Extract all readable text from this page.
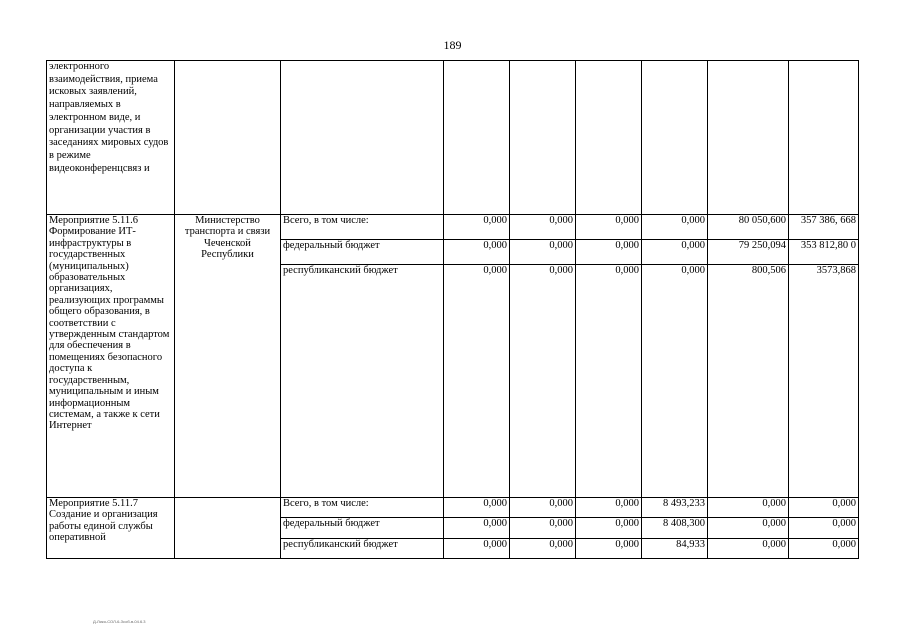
189
электронного взаимодействия, приема исковых заявлений, направляемых в электронном виде, и организации участия в заседаниях мировых судов в режиме видеоконференцсвяз и								
Мероприятие 5.11.6 Формирование ИТ-инфраструктуры в государственных (муниципальных) образовательных организациях, реализующих программы общего образования, в соответствии с утвержденным стандартом для обеспечения в помещениях безопасного доступа к государственным, муниципальным и иным информационным системам, а также к сети Интернет	Министерство транспорта и связи Чеченской Республики	Всего, в том числе:	0,000	0,000	0,000	0,000	80 050,600	357 386, 668
		федеральный бюджет	0,000	0,000	0,000	0,000	79 250,094	353 812,80 0
		республиканский бюджет	0,000	0,000	0,000	0,000	800,506	3573,868
Мероприятие 5.11.7 Создание и организация работы единой службы оперативной		Всего, в том числе:	0,000	0,000	0,000	8 493,233	0,000	0,000
		федеральный бюджет	0,000	0,000	0,000	8 408,300	0,000	0,000
		республиканский бюджет	0,000	0,000	0,000	84,933	0,000	0,000
Д-Лико-СОЛ-6-Зсоб-в-04.6.3
